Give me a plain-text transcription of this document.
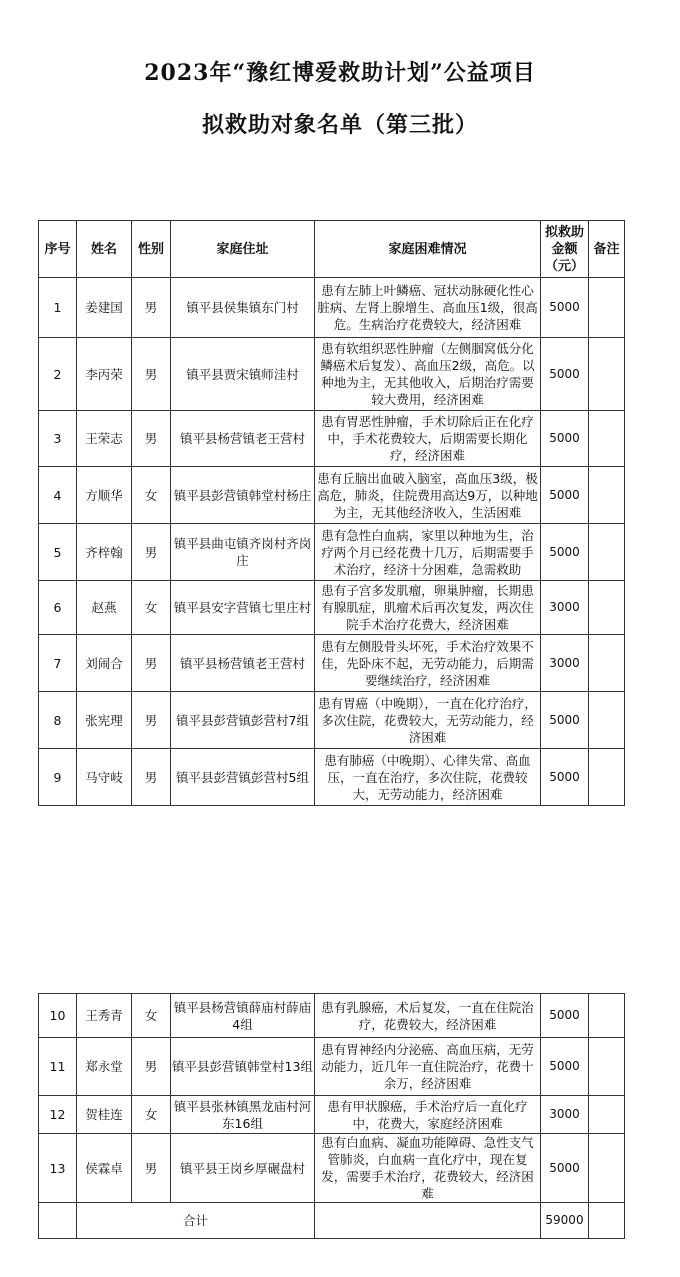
2023年“豫红博爱救助计划”公益项目
拟救助对象名单（第三批）
序号	姓名	性别	家庭住址	家庭困难情况	拟救助金额（元）	备注
1	姜建国	男	镇平县侯集镇东门村	患有左肺上叶鳞癌、冠状动脉硬化性心脏病、左肾上腺增生、高血压1级，很高危。生病治疗花费较大，经济困难	5000	
2	李丙荣	男	镇平县贾宋镇师洼村	患有软组织恶性肿瘤（左侧腘窝低分化鳞癌术后复发）、高血压2级，高危。以种地为主，无其他收入，后期治疗需要较大费用，经济困难	5000	
3	王荣志	男	镇平县杨营镇老王营村	患有胃恶性肿瘤，手术切除后正在化疗中，手术花费较大，后期需要长期化疗，经济困难	5000	
4	方顺华	女	镇平县彭营镇韩堂村杨庄	患有丘脑出血破入脑室，高血压3级，极高危，肺炎，住院费用高达9万，以种地为主，无其他经济收入，生活困难	5000	
5	齐梓翰	男	镇平县曲屯镇齐岗村齐岗庄	患有急性白血病，家里以种地为生，治疗两个月已经花费十几万，后期需要手术治疗，经济十分困难，急需救助	5000	
6	赵燕	女	镇平县安字营镇七里庄村	患有子宫多发肌瘤，卵巢肿瘤，长期患有腺肌症，肌瘤术后再次复发，两次住院手术治疗花费大，经济困难	3000	
7	刘闹合	男	镇平县杨营镇老王营村	患有左侧股骨头坏死，手术治疗效果不佳，先卧床不起，无劳动能力，后期需要继续治疗，经济困难	3000	
8	张宪理	男	镇平县彭营镇彭营村7组	患有胃癌（中晚期），一直在化疗治疗，多次住院，花费较大，无劳动能力，经济困难	5000	
9	马守岐	男	镇平县彭营镇彭营村5组	患有肺癌（中晚期）、心律失常、高血压，一直在治疗，多次住院，花费较大，无劳动能力，经济困难	5000	
10	王秀青	女	镇平县杨营镇薛庙村薛庙4组	患有乳腺癌，术后复发，一直在住院治疗，花费较大，经济困难	5000	
11	郑永堂	男	镇平县彭营镇韩堂村13组	患有胃神经内分泌癌、高血压病，无劳动能力，近几年一直住院治疗，花费十余万，经济困难	5000	
12	贺桂连	女	镇平县张林镇黑龙庙村河东16组	患有甲状腺癌，手术治疗后一直化疗中，花费大，家庭经济困难	3000	
13	侯霖卓	男	镇平县王岗乡厚碾盘村	患有白血病、凝血功能障碍、急性支气管肺炎，白血病一直化疗中，现在复发，需要手术治疗，花费较大，经济困难	5000	
	合计				59000	
